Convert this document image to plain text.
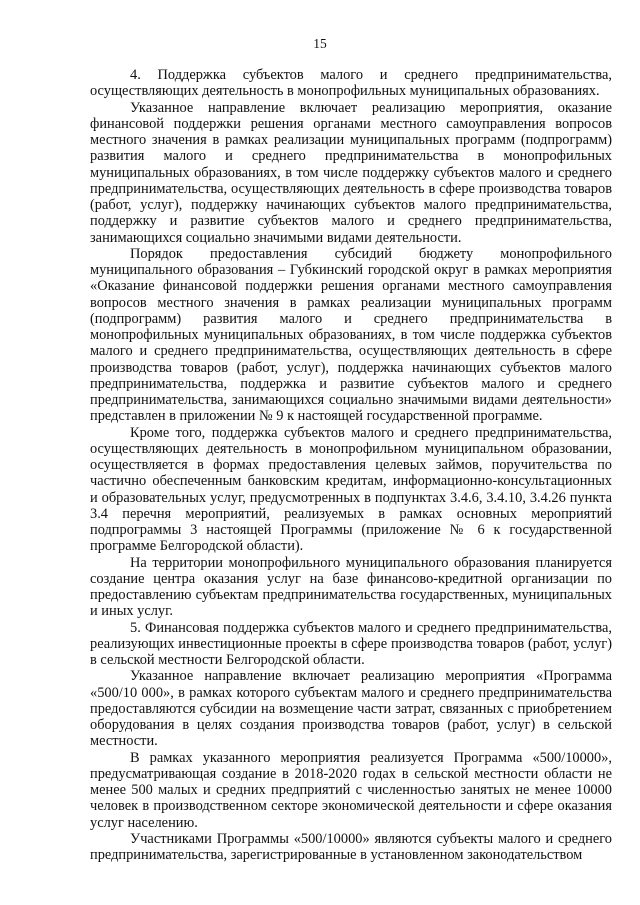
15

4. Поддержка субъектов малого и среднего предпринимательства, осуществляющих деятельность в монопрофильных муниципальных образованиях.

Указанное направление включает реализацию мероприятия, оказание финансовой поддержки решения органами местного самоуправления вопросов местного значения в рамках реализации муниципальных программ (подпрограмм) развития малого и среднего предпринимательства в монопрофильных муниципальных образованиях, в том числе поддержку субъектов малого и среднего предпринимательства, осуществляющих деятельность в сфере производства товаров (работ, услуг), поддержку начинающих субъектов малого предпринимательства, поддержку и развитие субъектов малого и среднего предпринимательства, занимающихся социально значимыми видами деятельности.

Порядок предоставления субсидий бюджету монопрофильного муниципального образования – Губкинский городской округ в рамках мероприятия «Оказание финансовой поддержки решения органами местного самоуправления вопросов местного значения в рамках реализации муниципальных программ (подпрограмм) развития малого и среднего предпринимательства в монопрофильных муниципальных образованиях, в том числе поддержка субъектов малого и среднего предпринимательства, осуществляющих деятельность в сфере производства товаров (работ, услуг), поддержка начинающих субъектов малого предпринимательства, поддержка и развитие субъектов малого и среднего предпринимательства, занимающихся социально значимыми видами деятельности» представлен в приложении № 9 к настоящей государственной программе.

Кроме того, поддержка субъектов малого и среднего предпринимательства, осуществляющих деятельность в монопрофильном муниципальном образовании, осуществляется в формах предоставления целевых займов, поручительства по частично обеспеченным банковским кредитам, информационно-консультационных и образовательных услуг, предусмотренных в подпунктах 3.4.6, 3.4.10, 3.4.26 пункта 3.4 перечня мероприятий, реализуемых в рамках основных мероприятий подпрограммы 3 настоящей Программы (приложение № 6 к государственной программе Белгородской области).

На территории монопрофильного муниципального образования планируется создание центра оказания услуг на базе финансово-кредитной организации по предоставлению субъектам предпринимательства государственных, муниципальных и иных услуг.

5. Финансовая поддержка субъектов малого и среднего предпринимательства, реализующих инвестиционные проекты в сфере производства товаров (работ, услуг) в сельской местности Белгородской области.

Указанное направление включает реализацию мероприятия «Программа «500/10 000», в рамках которого субъектам малого и среднего предпринимательства предоставляются субсидии на возмещение части затрат, связанных с приобретением оборудования в целях создания производства товаров (работ, услуг) в сельской местности.

В рамках указанного мероприятия реализуется Программа «500/10000», предусматривающая создание в 2018-2020 годах в сельской местности области не менее 500 малых и средних предприятий с численностью занятых не менее 10000 человек в производственном секторе экономической деятельности и сфере оказания услуг населению.

Участниками Программы «500/10000» являются субъекты малого и среднего предпринимательства, зарегистрированные в установленном законодательством
